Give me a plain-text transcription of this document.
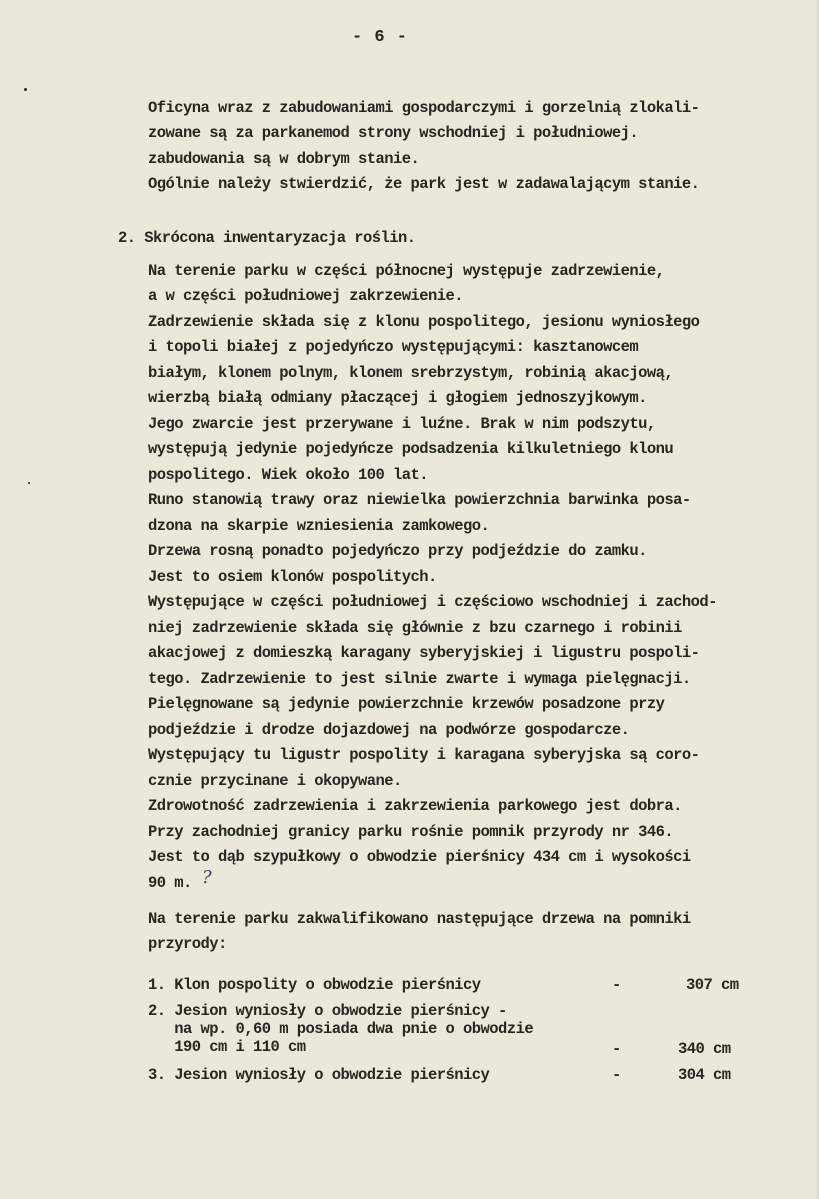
- 6 -
Oficyna wraz z zabudowaniami gospodarczymi i gorzelnią zlokali-
zowane są za parkanemod strony wschodniej i południowej.
zabudowania są w dobrym stanie.
Ogólnie należy stwierdzić, że park jest w zadawalającym stanie.
2. Skrócona inwentaryzacja roślin.
Na terenie parku w części północnej występuje zadrzewienie,
a w części południowej zakrzewienie.
Zadrzewienie składa się z klonu pospolitego, jesionu wyniosłego
i topoli białej z pojedyńczo występującymi: kasztanowcem
białym, klonem polnym, klonem srebrzystym, robinią akacjową,
wierzbą białą odmiany płaczącej i głogiem jednoszyjkowym.
Jego zwarcie jest przerywane i luźne. Brak w nim podszytu,
występują jedynie pojedyńcze podsadzenia kilkuletniego klonu
pospolitego. Wiek około 100 lat.
Runo stanowią trawy oraz niewielka powierzchnia barwinka posa-
dzona na skarpie wzniesienia zamkowego.
Drzewa rosną ponadto pojedyńczo przy podjeździe do zamku.
Jest to osiem klonów pospolitych.
Występujące w części południowej i częściowo wschodniej i zachod-
niej zadrzewienie składa się głównie z bzu czarnego i robinii
akacjowej z domieszką karagany syberyjskiej i ligustru pospoli-
tego. Zadrzewienie to jest silnie zwarte i wymaga pielęgnacji.
Pielęgnowane są jedynie powierzchnie krzewów posadzone przy
podjeździe i drodze dojazdowej na podwórze gospodarcze.
Występujący tu ligustr pospolity i karagana syberyjska są coro-
cznie przycinane i okopywane.
Zdrowotność zadrzewienia i zakrzewienia parkowego jest dobra.
Przy zachodniej granicy parku rośnie pomnik przyrody nr 346.
Jest to dąb szypułkowy o obwodzie pierśnicy 434 cm i wysokości
90 m. ?
Na terenie parku zakwalifikowano następujące drzewa na pomniki
przyrody:
1. Klon pospolity o obwodzie pierśnicy	-	307 cm
2. Jesion wyniosły o obwodzie pierśnicy -
na wp. 0,60 m posiada dwa pnie o obwodzie
190 cm i 110 cm	-	340 cm
3. Jesion wyniosły o obwodzie pierśnicy	-	304 cm
